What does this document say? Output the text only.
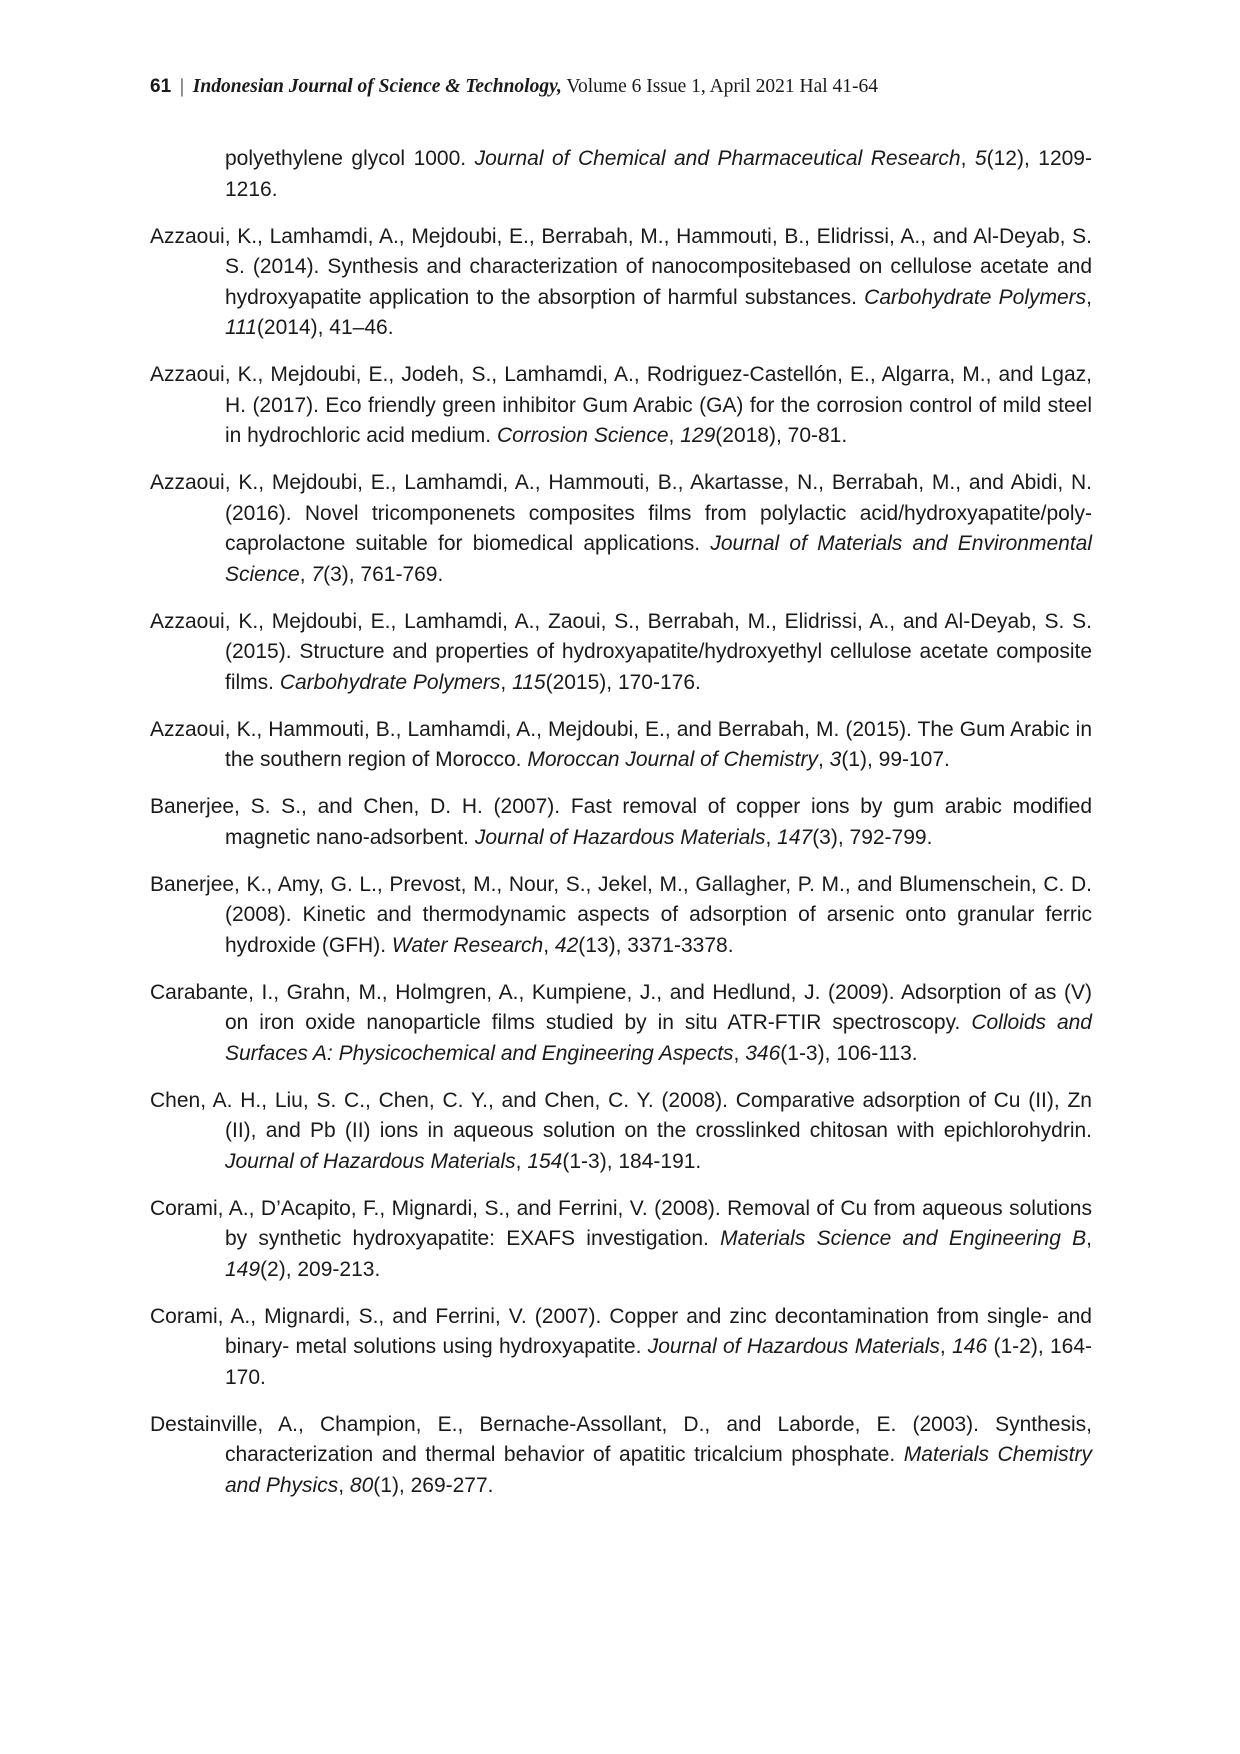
61 | Indonesian Journal of Science & Technology, Volume 6 Issue 1, April 2021 Hal 41-64

polyethylene glycol 1000. Journal of Chemical and Pharmaceutical Research, 5(12), 1209-1216.

Azzaoui, K., Lamhamdi, A., Mejdoubi, E., Berrabah, M., Hammouti, B., Elidrissi, A., and Al-Deyab, S. S. (2014). Synthesis and characterization of nanocompositebased on cellulose acetate and hydroxyapatite application to the absorption of harmful substances. Carbohydrate Polymers, 111(2014), 41–46.

Azzaoui, K., Mejdoubi, E., Jodeh, S., Lamhamdi, A., Rodriguez-Castellón, E., Algarra, M., and Lgaz, H. (2017). Eco friendly green inhibitor Gum Arabic (GA) for the corrosion control of mild steel in hydrochloric acid medium. Corrosion Science, 129(2018), 70-81.

Azzaoui, K., Mejdoubi, E., Lamhamdi, A., Hammouti, B., Akartasse, N., Berrabah, M., and Abidi, N. (2016). Novel tricomponenets composites films from polylactic acid/hydroxyapatite/poly-caprolactone suitable for biomedical applications. Journal of Materials and Environmental Science, 7(3), 761-769.

Azzaoui, K., Mejdoubi, E., Lamhamdi, A., Zaoui, S., Berrabah, M., Elidrissi, A., and Al-Deyab, S. S. (2015). Structure and properties of hydroxyapatite/hydroxyethyl cellulose acetate composite films. Carbohydrate Polymers, 115(2015), 170-176.

Azzaoui, K., Hammouti, B., Lamhamdi, A., Mejdoubi, E., and Berrabah, M. (2015). The Gum Arabic in the southern region of Morocco. Moroccan Journal of Chemistry, 3(1), 99-107.

Banerjee, S. S., and Chen, D. H. (2007). Fast removal of copper ions by gum arabic modified magnetic nano-adsorbent. Journal of Hazardous Materials, 147(3), 792-799.

Banerjee, K., Amy, G. L., Prevost, M., Nour, S., Jekel, M., Gallagher, P. M., and Blumenschein, C. D. (2008). Kinetic and thermodynamic aspects of adsorption of arsenic onto granular ferric hydroxide (GFH). Water Research, 42(13), 3371-3378.

Carabante, I., Grahn, M., Holmgren, A., Kumpiene, J., and Hedlund, J. (2009). Adsorption of as (V) on iron oxide nanoparticle films studied by in situ ATR-FTIR spectroscopy. Colloids and Surfaces A: Physicochemical and Engineering Aspects, 346(1-3), 106-113.

Chen, A. H., Liu, S. C., Chen, C. Y., and Chen, C. Y. (2008). Comparative adsorption of Cu (II), Zn (II), and Pb (II) ions in aqueous solution on the crosslinked chitosan with epichlorohydrin. Journal of Hazardous Materials, 154(1-3), 184-191.

Corami, A., D’Acapito, F., Mignardi, S., and Ferrini, V. (2008). Removal of Cu from aqueous solutions by synthetic hydroxyapatite: EXAFS investigation. Materials Science and Engineering B, 149(2), 209-213.

Corami, A., Mignardi, S., and Ferrini, V. (2007). Copper and zinc decontamination from single- and binary- metal solutions using hydroxyapatite. Journal of Hazardous Materials, 146 (1-2), 164-170.

Destainville, A., Champion, E., Bernache-Assollant, D., and Laborde, E. (2003). Synthesis, characterization and thermal behavior of apatitic tricalcium phosphate. Materials Chemistry and Physics, 80(1), 269-277.
